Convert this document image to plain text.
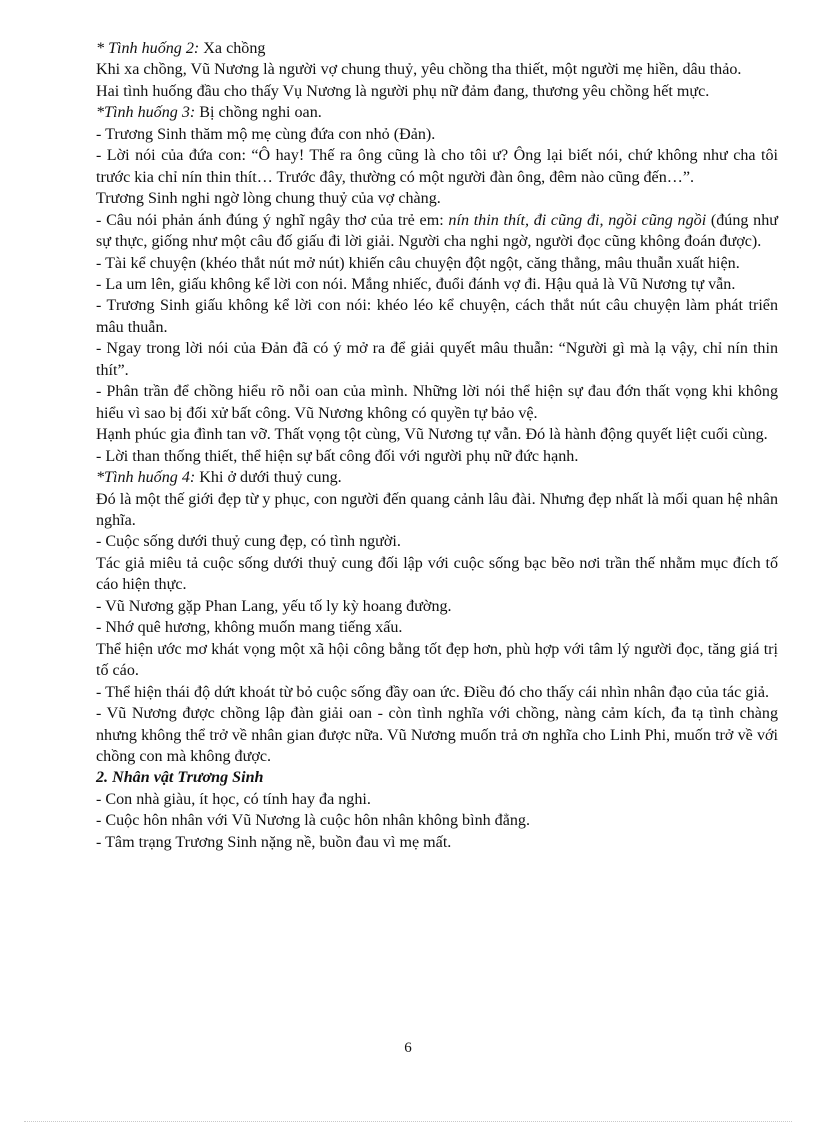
* Tình huống 2: Xa chồng

Khi xa chồng, Vũ Nương là người vợ chung thuỷ, yêu chồng tha thiết, một người mẹ hiền, dâu thảo.

Hai tình huống đầu cho thấy Vụ Nương là người phụ nữ đảm đang, thương yêu chồng hết mực.

*Tình huống 3: Bị chồng nghi oan.

- Trương Sinh thăm mộ mẹ cùng đứa con nhỏ (Đản).

- Lời nói của đứa con: “Ô hay! Thế ra ông cũng là cho tôi ư? Ông lại biết nói, chứ không như cha tôi trước kia chỉ nín thin thít… Trước đây, thường có một người đàn ông, đêm nào cũng đến…”.

Trương Sinh nghi ngờ lòng chung thuỷ của vợ chàng.

- Câu nói phản ánh đúng ý nghĩ ngây thơ của trẻ em: nín thin thít, đi cũng đi, ngồi cũng ngồi (đúng như sự thực, giống như một câu đố giấu đi lời giải. Người cha nghi ngờ, người đọc cũng không đoán được).

- Tài kể chuyện (khéo thắt nút mở nút) khiến câu chuyện đột ngột, căng thẳng, mâu thuẫn xuất hiện.

- La um lên, giấu không kể lời con nói. Mắng nhiếc, đuổi đánh vợ đi. Hậu quả là Vũ Nương tự vẫn.

- Trương Sinh giấu không kể lời con nói: khéo léo kể chuyện, cách thắt nút câu chuyện làm phát triển mâu thuẫn.

- Ngay trong lời nói của Đản đã có ý mở ra để giải quyết mâu thuẫn: “Người gì mà lạ vậy, chỉ nín thin thít”.

- Phân trần để chồng hiểu rõ nỗi oan của mình. Những lời nói thể hiện sự đau đớn thất vọng khi không hiểu vì sao bị đối xử bất công. Vũ Nương không có quyền tự bảo vệ.

Hạnh phúc gia đình tan vỡ. Thất vọng tột cùng, Vũ Nương tự vẫn. Đó là hành động quyết liệt cuối cùng.

- Lời than thống thiết, thể hiện sự bất công đối với người phụ nữ đức hạnh.

*Tình huống 4: Khi ở dưới thuỷ cung.

Đó là một thế giới đẹp từ y phục, con người đến quang cảnh lâu đài. Nhưng đẹp nhất là mối quan hệ nhân nghĩa.

- Cuộc sống dưới thuỷ cung đẹp, có tình người.

Tác giả miêu tả cuộc sống dưới thuỷ cung đối lập với cuộc sống bạc bẽo nơi trần thế nhằm mục đích tố cáo hiện thực.

- Vũ Nương gặp Phan Lang, yếu tố ly kỳ hoang đường.

- Nhớ quê hương, không muốn mang tiếng xấu.

Thể hiện ước mơ khát vọng một xã hội công bằng tốt đẹp hơn, phù hợp với tâm lý người đọc, tăng giá trị tố cáo.

- Thể hiện thái độ dứt khoát từ bỏ cuộc sống đầy oan ức. Điều đó cho thấy cái nhìn nhân đạo của tác giả.

- Vũ Nương được chồng lập đàn giải oan - còn tình nghĩa với chồng, nàng cảm kích, đa tạ tình chàng nhưng không thể trở về nhân gian được nữa. Vũ Nương muốn trả ơn nghĩa cho Linh Phi, muốn trở về với chồng con mà không được.

2. Nhân vật Trương Sinh

- Con nhà giàu, ít học, có tính hay đa nghi.

- Cuộc hôn nhân với Vũ Nương là cuộc hôn nhân không bình đẳng.

- Tâm trạng Trương Sinh nặng nề, buồn đau vì mẹ mất.

6
